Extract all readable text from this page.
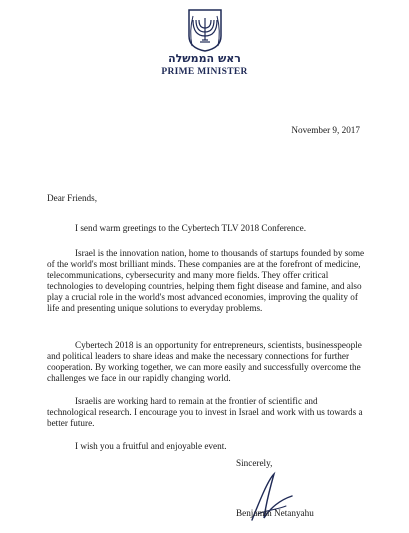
ראש הממשלה
PRIME MINISTER
November 9, 2017
Dear Friends,
I send warm greetings to the Cybertech TLV 2018 Conference.
Israel is the innovation nation, home to thousands of startups founded by some of the world's most brilliant minds. These companies are at the forefront of medicine, telecommunications, cybersecurity and many more fields. They offer critical technologies to developing countries, helping them fight disease and famine, and also play a crucial role in the world's most advanced economies, improving the quality of life and presenting unique solutions to everyday problems.
Cybertech 2018 is an opportunity for entrepreneurs, scientists, businesspeople and political leaders to share ideas and make the necessary connections for further cooperation. By working together, we can more easily and successfully overcome the challenges we face in our rapidly changing world.
Israelis are working hard to remain at the frontier of scientific and technological research. I encourage you to invest in Israel and work with us towards a better future.
I wish you a fruitful and enjoyable event.
Sincerely,
Benjamin Netanyahu
